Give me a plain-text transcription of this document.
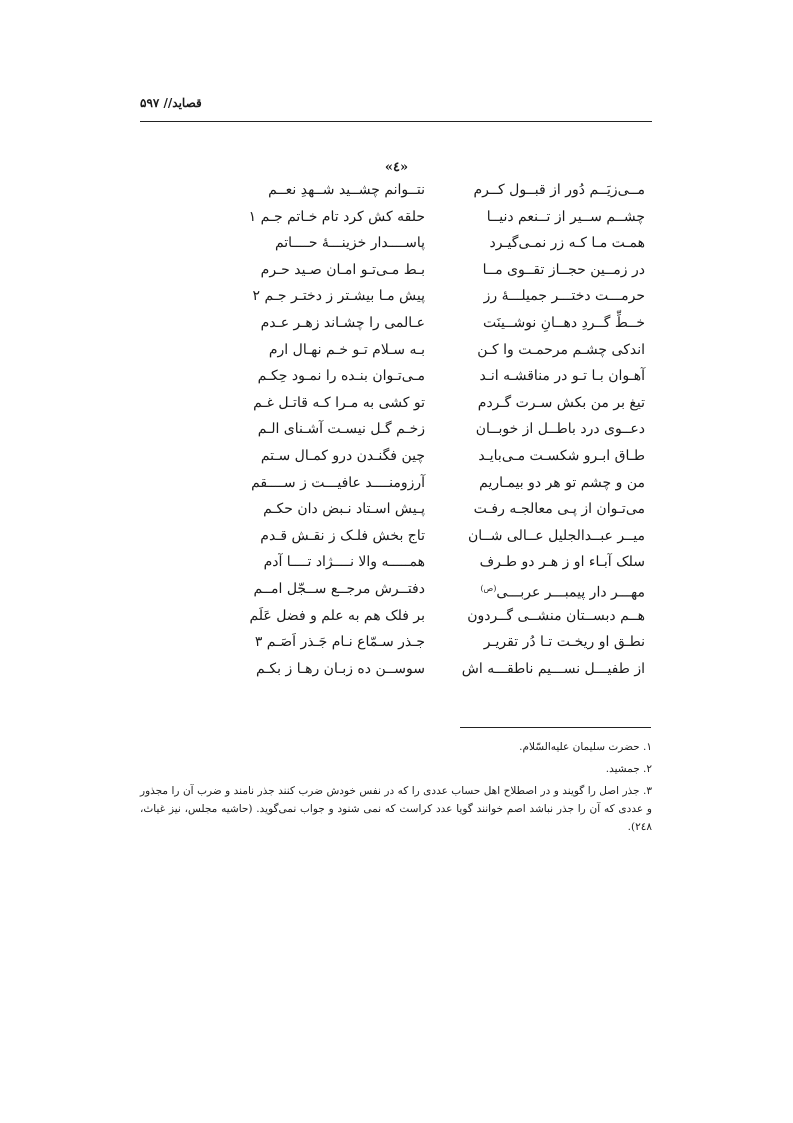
قصاید// ۵۹۷
«٤»
مــی‌زیَــم دُور از قبــول کــرم
نتــوانم چشــید شــهدِ نعــم
چشــم ســیر از تــنعم دنیــا
حلقه کش کرد تام خـاتم جـم ۱
همـت مـا کـه زر نمـی‌گیـرد
پاســــدار خزینـــهٔ حــــاتم
در زمــین حجــاز تقــوی مــا
بـط مـی‌تـو امـان صـید حـرم
حرمـــت دختـــر جمیلـــهٔ رز
پیش مـا بیشـتر ز دختـر جـم ۲
خــطِّ گــردِ دهــانِ نوشــینَت
عـالمی را چشـاند زهـر عـدم
اندکی چشـم مرحمـت وا کـن
بـه سـلام تـو خـم نهـال ارم
آهـوان بـا تـو در مناقشـه انـد
مـی‌تـوان بنـده را نمـود حِکـم
تیغ بر من بکش سـرت گـردم
تو کشی به مـرا کـه قاتـل غـم
دعــوی درد باطــل از خوبــان
زخـم گـل نیسـت آشـنای الـم
طـاق ابـرو شکسـت مـی‌بایـد
چین فگنـدن درو کمـال سـتم
من و چشم تو هر دو بیمـاریم
آرزومنــــد عافیـــت ز ســــقم
می‌تـوان از پـی معالجـه رفـت
پـیش اسـتاد نـبض دان حکـم
میــر عبــدالجلیل عــالی شــان
تاج بخش فلـک ز نقـش قـدم
سلک آبـاء او ز هـر دو طـرف
همـــــه والا نــــژاد تــــا آدم
مهـــر دار پیمبـــر عربـــی$^{(ص)}$
دفتــرش مرجــع ســجّل امــم
هــم دبســتان منشــی گــردون
بر فلک هم به علم و فضل عَلَم
نطـق او ریخـت تـا دُر تقریـر
جـذر سـمّاع نـام جَـذر اَصَـم ۳
از طفیـــل نســـیم ناطقـــه اش
سوســن ده زبـان رهـا ز بکـم
۱. حضرت سلیمان علیه‌السّلام.
۲. جمشید.
۳. جذر اصل را گویند و در اصطلاح اهل حساب عددی را که در نفس خودش ضرب کنند جذر نامند و ضرب آن را مجذور و عددی که آن را جذر نباشد اصم خوانند گویا عدد کراست که نمی شنود و جواب نمی‌گوید. (حاشیه مجلس، نیز غیاث، ۲٤۸).
